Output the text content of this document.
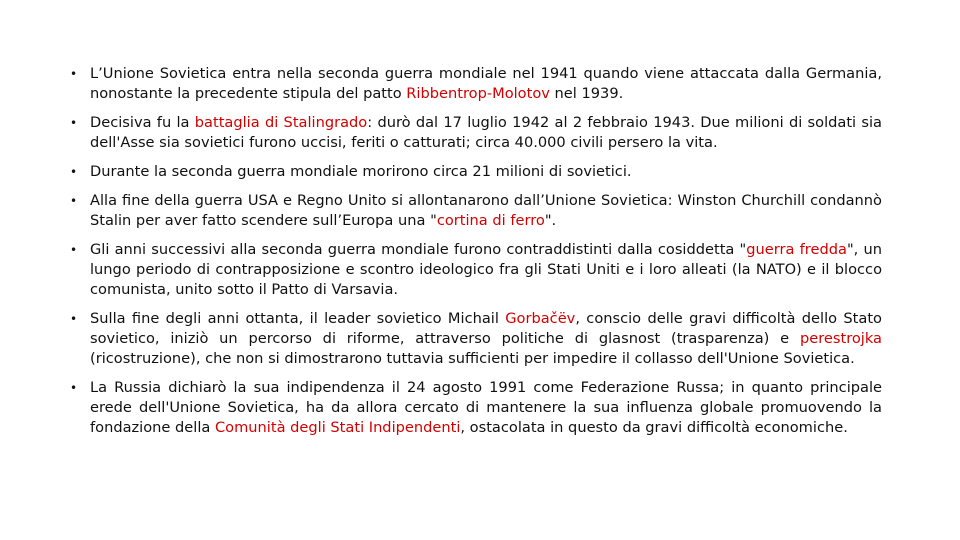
• L’Unione Sovietica entra nella seconda guerra mondiale nel 1941 quando viene attaccata dalla Germania, nonostante la precedente stipula del patto Ribbentrop-Molotov nel 1939.
• Decisiva fu la battaglia di Stalingrado: durò dal 17 luglio 1942 al 2 febbraio 1943. Due milioni di soldati sia dell'Asse sia sovietici furono uccisi, feriti o catturati; circa 40.000 civili persero la vita.
• Durante la seconda guerra mondiale morirono circa 21 milioni di sovietici.
• Alla fine della guerra USA e Regno Unito si allontanarono dall’Unione Sovietica: Winston Churchill condannò Stalin per aver fatto scendere sull’Europa una "cortina di ferro".
• Gli anni successivi alla seconda guerra mondiale furono contraddistinti dalla cosiddetta "guerra fredda", un lungo periodo di contrapposizione e scontro ideologico fra gli Stati Uniti e i loro alleati (la NATO) e il blocco comunista, unito sotto il Patto di Varsavia.
• Sulla fine degli anni ottanta, il leader sovietico Michail Gorbačëv, conscio delle gravi difficoltà dello Stato sovietico, iniziò un percorso di riforme, attraverso politiche di glasnost (trasparenza) e perestrojka (ricostruzione), che non si dimostrarono tuttavia sufficienti per impedire il collasso dell'Unione Sovietica.
• La Russia dichiarò la sua indipendenza il 24 agosto 1991 come Federazione Russa; in quanto principale erede dell'Unione Sovietica, ha da allora cercato di mantenere la sua influenza globale promuovendo la fondazione della Comunità degli Stati Indipendenti, ostacolata in questo da gravi difficoltà economiche.
